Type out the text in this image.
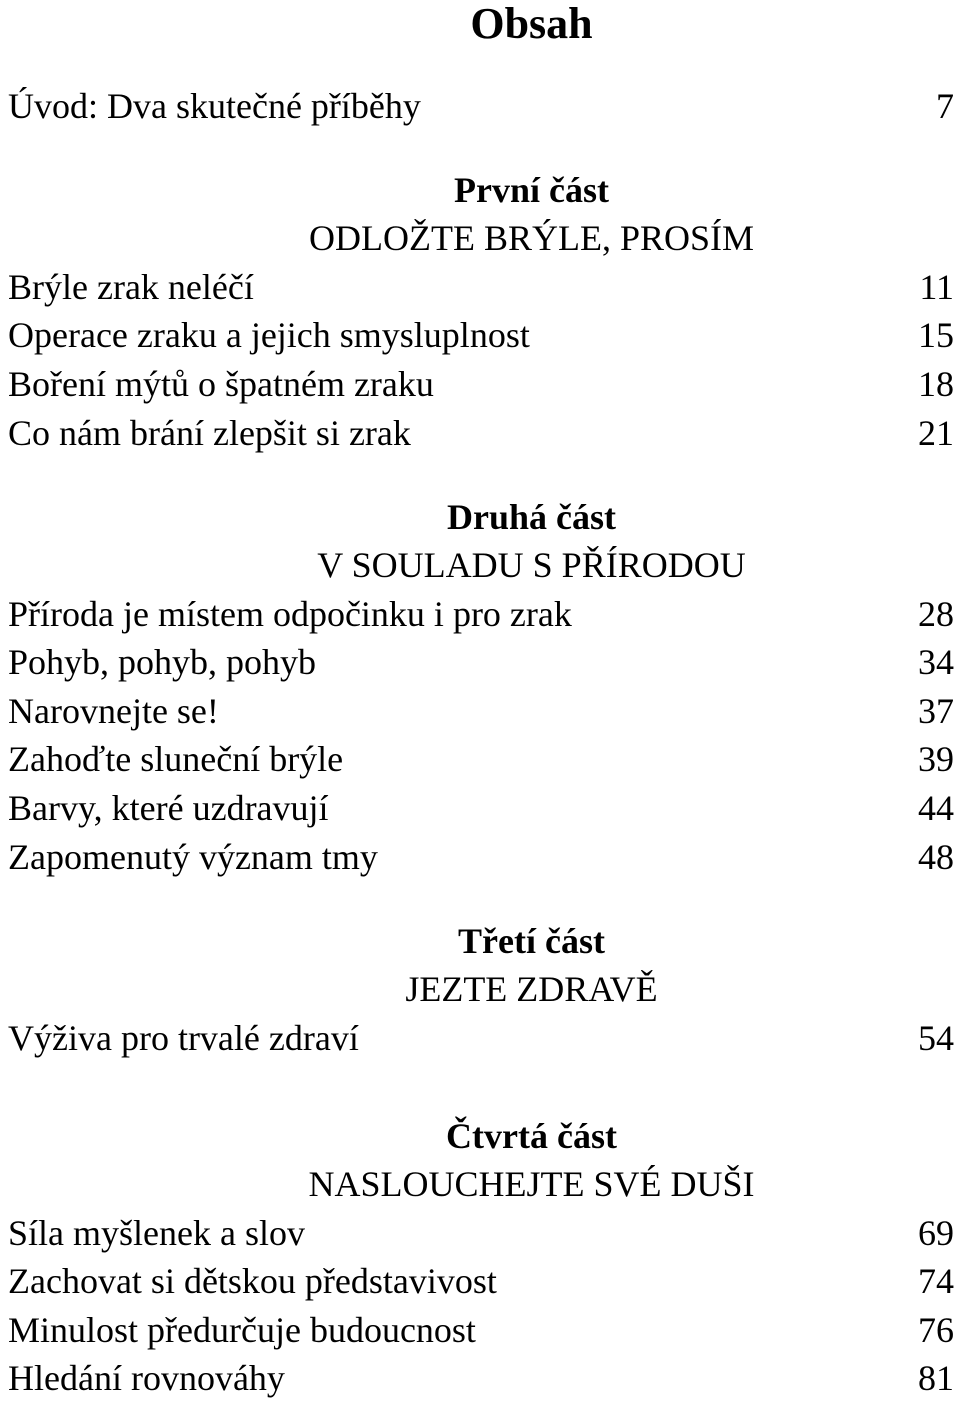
Obsah
Úvod: Dva skutečné příběhy	7
První část
ODLOŽTE BRÝLE, PROSÍM
Brýle zrak neléčí	11
Operace zraku a jejich smysluplnost	15
Boření mýtů o špatném zraku	18
Co nám brání zlepšit si zrak	21
Druhá část
V SOULADU S PŘÍRODOU
Příroda je místem odpočinku i pro zrak	28
Pohyb, pohyb, pohyb	34
Narovnejte se!	37
Zahoďte sluneční brýle	39
Barvy, které uzdravují	44
Zapomenutý význam tmy	48
Třetí část
JEZTE ZDRAVĚ
Výživa pro trvalé zdraví	54
Čtvrtá část
NASLOUCHEJTE SVÉ DUŠI
Síla myšlenek a slov	69
Zachovat si dětskou představivost	74
Minulost předurčuje budoucnost	76
Hledání rovnováhy	81
